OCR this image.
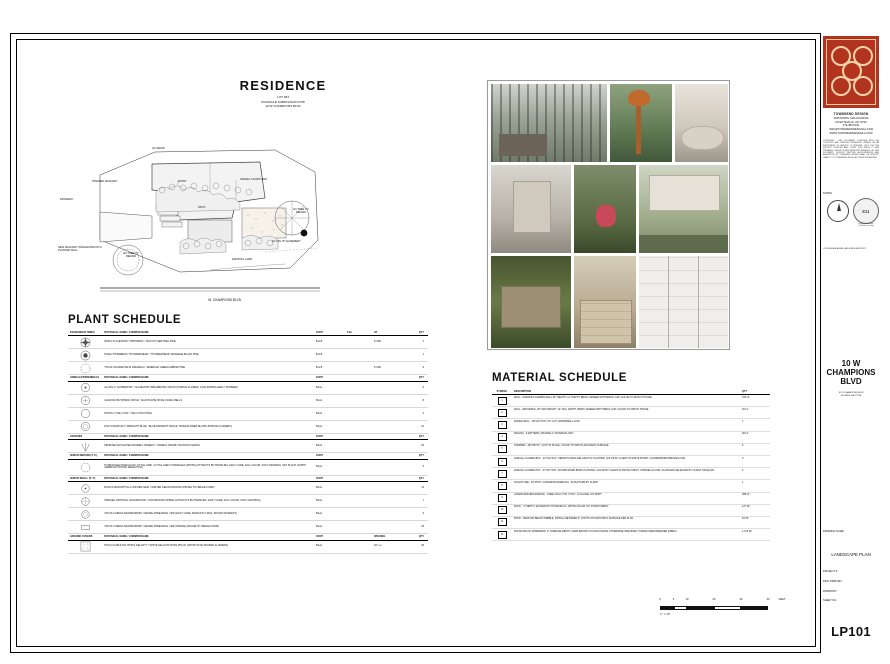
RESIDENCE
LOT 364
PINNACLE SUBDIVISION PH8
10 W CHAMPIONS BLVD
ENTRY
A/C METER
STEPPED WALKWAY
GRAVEL COURTYARD
PATIO
DRIVEWAY
EXISTING LAWN
NEW WALKWAY INTEGRATED INTO PLANTER WALL
EX TREE TO REMAIN
EX TREE TO REMAIN
10' UTILITY EASEMENT
W. CHAMPIONS BLVD.
PLANT SCHEDULE
EVERGREEN TREES	BOTANICAL NAME / COMMON NAME	CONT	CAL	HT	QTY

	PINUS SYLVESTRIS 'TABTOBATA' / SCOTCH SENTINEL PINE	B & B		8' MIN	1

	PICEA THUNBERGII 'THUNDERHEAD' / THUNDERHEAD JAPANESE BLACK PINE	B & B			1

	THUJA OCCIDENTALIS 'EMARALD' / EMERALD GREEN ARBORVITAE	B & B		6' MIN	9
ANNUALS/PERENNIALS	BOTANICAL NAME / COMMON NAME	CONT			QTY

	ALLIUM X 'GLOBEATOR' / GLADIATOR ORNAMENTAL ONION (PURPLE FLOWER, LATE SPRING-EARLY SUMMER)	5GAL			6

	AGASTACHE 'SPRING SPICE' / AGASTACHE SPICE CORAL BELLS	5GAL			8

	HOSTA X 'HALCYON' / HALCYON HOSTA	5GAL			3

	POLYGONATUM X 'MIDNIGHT BLUE' / BLUE MIDNIGHT BUGLE TONGUE (DEEP BLUISH-PURPLE FLOWERS)	5GAL			10
GRASSES	BOTANICAL NAME / COMMON NAME	CONT			QTY

	PENNISETUM ALOPECUROIDES 'HAMELN' / HAMELN DWARF FOUNTAIN GRASS	5GAL			26
SHRUB MEDIUM (4'-6')	BOTANICAL NAME / COMMON NAME	CONT			QTY

	HYDRANGEA PANICULATA 'LITTLE LIME' / LITTLE LIME HYDRANGEA (WHITE) (ATTRACTS BUTTERFLIES, EASY CARE, FALL COLOR, FAST GROWING, SET PLANT, NORTH AMERICAN NATIVE SELECTION)	5GAL			5
SHRUB SMALL (0'-4')	BOTANICAL NAME / COMMON NAME	CONT			QTY

	BUXUS MICROPHYLLA 'WINTER GEM' / WINTER GEM BOXWOOD (PRUNE TO HEDGE FORM)	5GAL			11

	SPIRAEA JAPONICA 'GOLDMOUND' / GOLDMOUND SPIREA (ATTRACTS BUTTERFLIES, EASY CARE, FALL COLOR, FAST GROWING)	5GAL			7

	TAXUS X MEDIA 'DENSIFORMIS' / DENSE SPREADING YEW (EASY CARE, MAINTAIN 3' MAX. ROUND INTEREST)	5GAL			5

	TAXUS X MEDIA 'DENSIFORMIS' / DENSE SPREADING YEW (HEDGE) (PRUNE TO HEDGE FORM)	5GAL			19
GROUND COVERS	BOTANICAL NAME / COMMON NAME	CONT		SPACING	QTY

	PHLOX SUBULATA 'WHITE DELIGHT' / WHITE DELIGHT MOSS PHLOX (WHITE STAR-SHAPED FLOWERS)	5GAL		18" o.c.	30
MATERIAL SCHEDULE
SYMBOL	DESCRIPTION	QTY
1	WALL - PARAPET GARDEN WALL 60" HEIGHT, 12" WIDTH, BRICK VENEER WITH BRICK CAP, COLOR TO MATCH HOUSE	155 LF
2	WALL - RETAINING, 30" MAX HEIGHT, 12" AVG. WIDTH, BRICK VENEER WITH BRICK CAP, COLOR TO MATCH HOUSE	49 LF
3	WATER WALL - 48"X22"X6"H, PIT CUT, WATERWALL.COM	1
4	RAILING - 6-PATTERN, #18-0090-A, IRONANVIL.NET	28 LF
5	STEPPER - 48"X48"X2", CAST IN PLACE, COLOR TO MATCH ADJACENT SURFACE	6
6	ANNUAL FLOWER BOX - 22"X22"X22", PENNSYLVANIA DELUXE PVC PLANTER, COLOR BY CLIENT IN WHITE FINISH, FLOWERWINDOWBOXES.COM	3
7	ANNUAL FLOWER POT - 27"X27"X22", ROUND RISEN BOWL PLANTER, COLOR BY CLIENT IN MATTE FINISH, I-WINDELLS.COM, PLANTERS SELECTED BY CLIENT OR EQUAL	2
8	SCULPTURE - 34"X8"W" CONCRETE PEDESTAL, SCULPTURE BY CLIENT	1
9	LANDSCAPE BED EDGING - STEEL ROLL TOP, 4"X10", 14 GAUGE, NO PAINT	288 LF
10	ROCK - 3" DEPTH, ECHANNITZ STONE BIN 11, WHITE COLOR, NO FINISH FABRIC	127 SF
11	ROCK - MEXICAN BEACH PEBBLE, INSTALL BETWEEN 6" JOINTS ON MAIN PATIO SURFACE PER PLAN	64 SF
12	WOOD MULCH SHREDDED, 3" AVERAGE DEPTH, DARK BROWN COLOR UNLESS OTHERWISE SPECIFIED, PINNED WEED BARRIER FABRIC	1,725 SF
0	5	10	20	30	40	FEET
1" = 10'
TOWNSEND DESIGN
3188 NORTH SHILOH DRIVE
FAYETTEVILLE, AR 72703
479-480-5162
INFO@TOWNSENDDESIGNLA.COM
WWW.TOWNSENDDESIGNLA.COM
COPYRIGHT - THIS DOCUMENT, TOGETHER WITH THE CONCEPTS AND DESIGNS PRESENTED HEREIN, AS AN INSTRUMENT OF SERVICE, IS INTENDED ONLY FOR THE SPECIFIC PURPOSE AND CLIENT FOR WHICH IT WAS PREPARED. REUSE OF AND IMPROPER RELIANCE ON THIS DOCUMENT WITHOUT WRITTEN AUTHORIZATION AND ADAPTATION BY TOWNSEND DESIGN SHALL BE WITHOUT LIABILITY TO TOWNSEND DESIGN. ALL RIGHTS RESERVED.
NORTH
811
Know what's below.
Call before you dig.
LICENSED ARKANSAS LANDSCAPE ARCHITECT
10 W
CHAMPIONS
BLVD
10 W CHAMPIONS BLVD
ROGERS, AR 72758
DRAWING NAME
LANDSCAPE PLAN
PROJECT #:
DR'G PRINTED :
DRAWN BY :
SHEET NO. :
LP101
